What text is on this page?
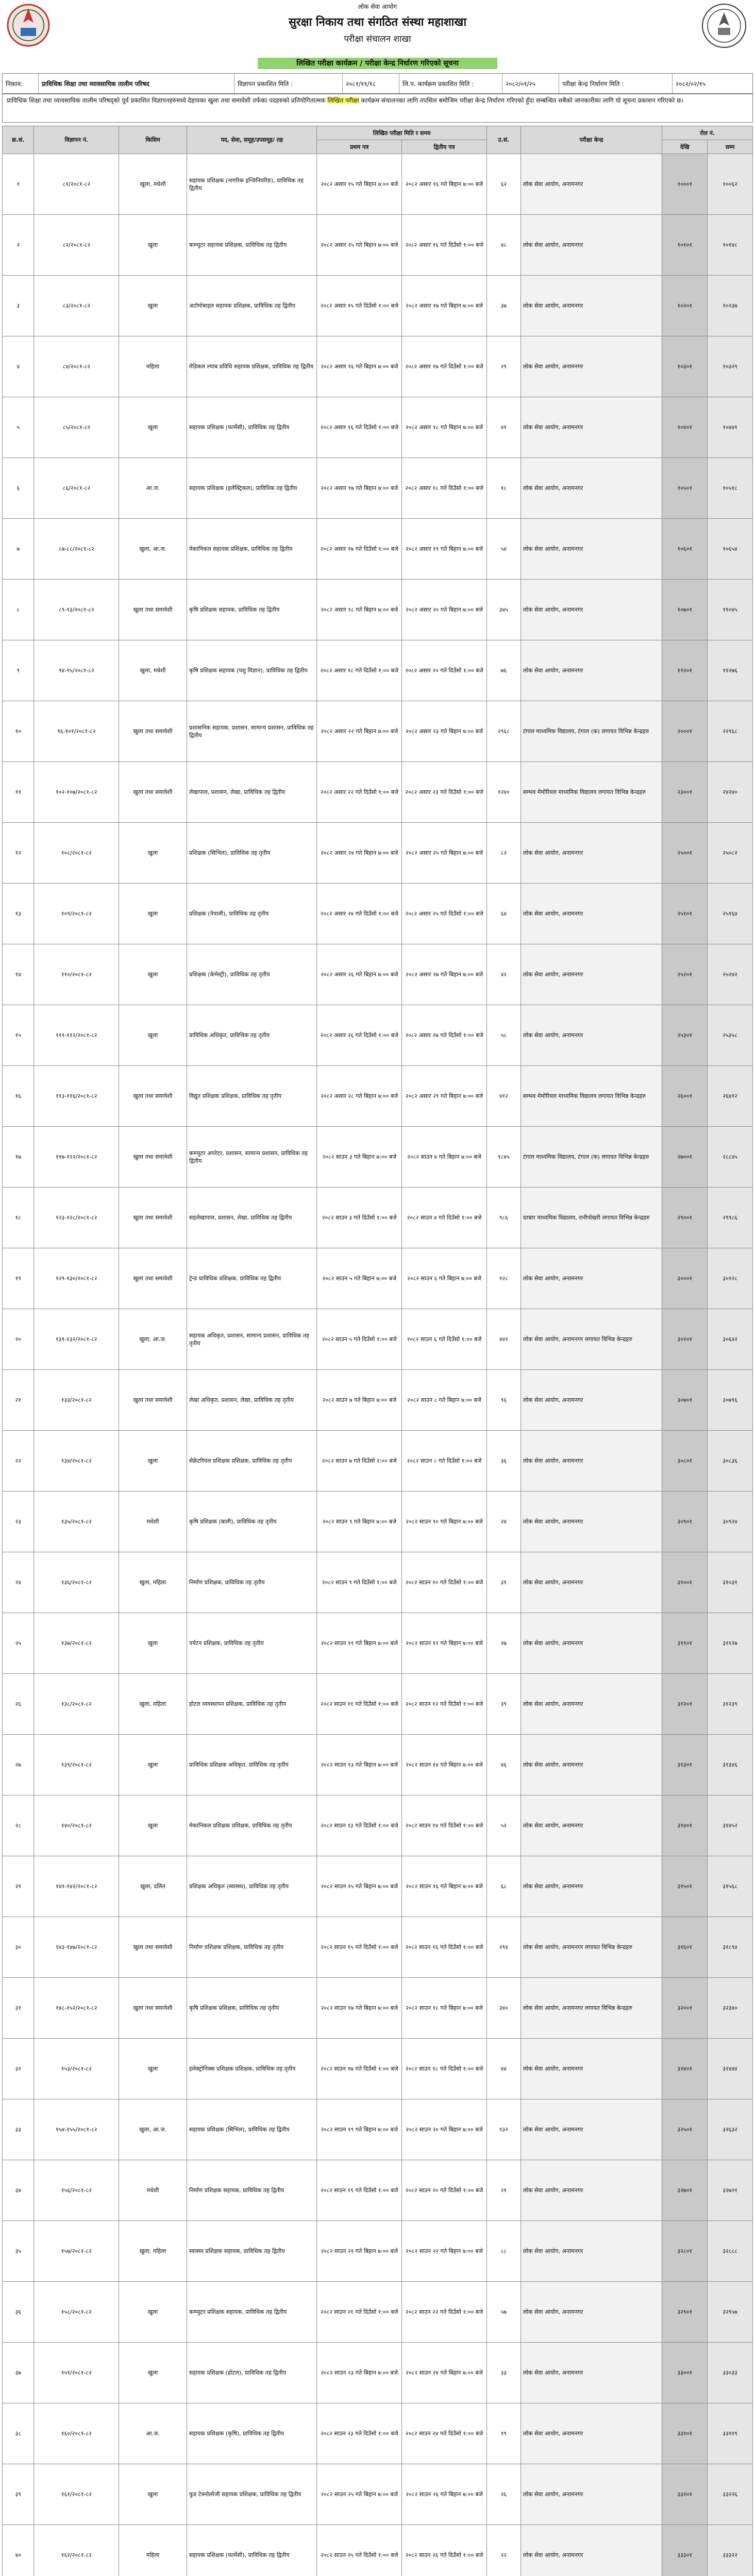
लोक सेवा आयोग
सुरक्षा निकाय तथा संगठित संस्था महाशाखा
परीक्षा संचालन शाखा
लिखित परीक्षा कार्यक्रम / परीक्षा केन्द्र निर्धारण गरिएको सूचना
निकाय:	प्राविधिक शिक्षा तथा व्यावसायिक तालीम परिषद	विज्ञापन प्रकाशित मिति :	२०८१/११/१८	लि.प. कार्यक्रम प्रकाशित मिति :	२०८२/०१/२५	परीक्षा केन्द्र निर्धारण मिति :	२०८२/०२/१५
प्राविधिक शिक्षा तथा व्यावसायिक तालीम परिषद्को पूर्व प्रकाशित विज्ञापनहरुमध्ये देहायका खुला तथा समावेशी तर्फका पदहरुको प्रतियोगितात्मक लिखित परीक्षा कार्यक्रम संचालनका लागि तपसिल बमोजिम परीक्षा केन्द्र निर्धारण गरिएको हुँदा सम्बन्धित सबैको जानकारीका लागि यो सूचना प्रकाशन गरिएको छ।
क्र.सं.	विज्ञापन नं.	किसिम	पद, सेवा, समूह/उपसमूह/ तह	लिखित परीक्षा मिति र समय		उ.सं.	परीक्षा केन्द्र	रोल नं.	
				प्रथम पत्र	द्वितीय पत्र			देखि	सम्म
१	८१/२०८१-८२	खुला, मधेशी	सहायक प्रशिक्षक (नागरिक इन्जिनियरिङ), प्राविधिक तह द्वितीय	२०८२ असार १५ गते बिहान ७:०० बजे	२०८२ असार १६ गते बिहान ७:०० बजे	६२	लोक सेवा आयोग, अनामनगर	१०००१	१००६२
२	८२/२०८१-८२	खुला	कम्प्युटर सहायक प्रशिक्षक, प्राविधिक तह द्वितीय	२०८२ असार १५ गते बिहान ७:०० बजे	२०८२ असार १६ गते दिउँसो १:०० बजे	४८	लोक सेवा आयोग, अनामनगर	१०१०१	१०१४८
३	८३/२०८१-८२	खुला	अटोमोबाइल सहायक प्रशिक्षक, प्राविधिक तह द्वितीय	२०८२ असार १५ गते दिउँसो १:०० बजे	२०८२ असार १७ गते बिहान ७:०० बजे	३७	लोक सेवा आयोग, अनामनगर	१०२०१	१०२३७
४	८४/२०८१-८२	महिला	मेडिकल ल्याब प्रविधि सहायक प्रशिक्षक, प्राविधिक तह द्वितीय	२०८२ असार १६ गते बिहान ७:०० बजे	२०८२ असार १७ गते दिउँसो १:०० बजे	२९	लोक सेवा आयोग, अनामनगर	१०३०१	१०३२९
५	८५/२०८१-८२	खुला	सहायक प्रशिक्षक (फार्मेसी), प्राविधिक तह द्वितीय	२०८२ असार १६ गते दिउँसो १:०० बजे	२०८२ असार १८ गते बिहान ७:०० बजे	४१	लोक सेवा आयोग, अनामनगर	१०४०१	१०४४१
६	८६/२०८१-८२	आ.ज.	सहायक प्रशिक्षक (इलेक्ट्रिकल), प्राविधिक तह द्वितीय	२०८२ असार १७ गते बिहान ७:०० बजे	२०८२ असार १८ गते दिउँसो १:०० बजे	१८	लोक सेवा आयोग, अनामनगर	१०५०१	१०५१८
७	८७-८८/२०८१-८२	खुला, आ.ज.	मेकानिकल सहायक प्रशिक्षक, प्राविधिक तह द्वितीय	२०८२ असार १७ गते दिउँसो १:०० बजे	२०८२ असार १९ गते बिहान ७:०० बजे	५४	लोक सेवा आयोग, अनामनगर	१०६०१	१०६५४
८	८९-९३/२०८१-८२	खुला तथा समावेशी	कृषि प्रशिक्षक सहायक, प्राविधिक तह द्वितीय	२०८२ असार १८ गते बिहान ७:०० बजे	२०८२ असार २० गते बिहान ७:०० बजे	३४५	लोक सेवा आयोग, अनामनगर	१०७०१	११०४५
९	९४-९५/२०८१-८२	खुला, मधेशी	कृषि प्रशिक्षक सहायक (पशु विज्ञान), प्राविधिक तह द्वितीय	२०८२ असार १८ गते दिउँसो १:०० बजे	२०८२ असार २० गते दिउँसो १:०० बजे	७६	लोक सेवा आयोग, अनामनगर	११२०१	११२७६
१०	९६-१०१/२०८१-८२	खुला तथा समावेशी	प्रशासनिक सहायक, प्रशासन, सामान्य प्रशासन, प्राविधिक तह द्वितीय	२०८२ असार २२ गते बिहान ७:०० बजे	२०८२ असार २३ गते बिहान ७:०० बजे	२९६८	टंगाल माध्यमिक विद्यालय, टंगाल (क) लगायत विभिन्न केन्द्रहरु	२०००१	२२९६८
११	१०२-१०७/२०८१-८२	खुला तथा समावेशी	लेखापाल, प्रशासन, लेखा, प्राविधिक तह द्वितीय	२०८२ असार २२ गते दिउँसो १:०० बजे	२०८२ असार २३ गते दिउँसो १:०० बजे	१२४०	सम्भव मेमोरियल माध्यमिक विद्यालय लगायत विभिन्न केन्द्रहरु	२३००१	२४२४०
१२	१०८/२०८१-८२	खुला	प्रशिक्षक (सिभिल), प्राविधिक तह तृतीय	२०८२ असार २४ गते बिहान ७:०० बजे	२०८२ असार २५ गते बिहान ७:०० बजे	८२	लोक सेवा आयोग, अनामनगर	२५००१	२५०८२
१३	१०९/२०८१-८२	खुला	प्रशिक्षक (नेपाली), प्राविधिक तह तृतीय	२०८२ असार २४ गते दिउँसो १:०० बजे	२०८२ असार २५ गते दिउँसो १:०० बजे	६४	लोक सेवा आयोग, अनामनगर	२५१०१	२५१६४
१४	११०/२०८१-८२	खुला	प्रशिक्षक (केमेस्ट्री), प्राविधिक तह तृतीय	२०८२ असार २६ गते बिहान ७:०० बजे	२०८२ असार २७ गते बिहान ७:०० बजे	४२	लोक सेवा आयोग, अनामनगर	२५२०१	२५२४२
१५	१११-११२/२०८१-८२	खुला	प्राविधिक अधिकृत, प्राविधिक तह तृतीय	२०८२ असार २६ गते दिउँसो १:०० बजे	२०८२ असार २७ गते दिउँसो १:०० बजे	५८	लोक सेवा आयोग, अनामनगर	२५३०१	२५३५८
१६	११३-११६/२०८१-८२	खुला तथा समावेशी	विद्युत प्रशिक्षक प्रशिक्षक, प्राविधिक तह तृतीय	२०८२ असार २८ गते बिहान ७:०० बजे	२०८२ असार २९ गते बिहान ७:०० बजे	४१२	सम्भव मेमोरियल माध्यमिक विद्यालय लगायत विभिन्न केन्द्रहरु	२६००१	२६४१२
१७	११७-१२२/२०८१-८२	खुला तथा समावेशी	कम्प्युटर अपरेटर, प्रशासन, सामान्य प्रशासन, प्राविधिक तह द्वितीय	२०८२ साउन ३ गते बिहान ७:०० बजे	२०८२ साउन ४ गते बिहान ७:०० बजे	१८४५	टंगाल माध्यमिक विद्यालय, टंगाल (क) लगायत विभिन्न केन्द्रहरु	२७००१	२८८४५
१८	१२३-१२८/२०८१-८२	खुला तथा समावेशी	सहलेखापाल, प्रशासन, लेखा, प्राविधिक तह द्वितीय	२०८२ साउन ३ गते दिउँसो १:०० बजे	२०८२ साउन ४ गते दिउँसो १:०० बजे	९८६	दरबार माध्यमिक विद्यालय, रानीपोखरी लगायत विभिन्न केन्द्रहरु	२९००१	२९९८६
१९	१२९-१३०/२०८१-८२	खुला तथा समावेशी	ट्रेन्ड प्राविधिक प्रशिक्षक, प्राविधिक तह द्वितीय	२०८२ साउन ५ गते बिहान ७:०० बजे	२०८२ साउन ६ गते बिहान ७:०० बजे	१२८	लोक सेवा आयोग, अनामनगर	३०००१	३०१२८
२०	१३१-१३२/२०८१-८२	खुला, आ.ज.	सहायक अधिकृत, प्रशासन, सामान्य प्रशासन, प्राविधिक तह तृतीय	२०८२ साउन ५ गते दिउँसो १:०० बजे	२०८२ साउन ६ गते दिउँसो १:०० बजे	४४२	लोक सेवा आयोग, अनामनगर लगायत विभिन्न केन्द्रहरु	३०२०१	३०६४२
२१	१३३/२०८१-८२	खुला तथा समावेशी	लेखा अधिकृत, प्रशासन, लेखा, प्राविधिक तह तृतीय	२०८२ साउन ७ गते बिहान ७:०० बजे	२०८२ साउन ८ गते बिहान ७:०० बजे	९६	लोक सेवा आयोग, अनामनगर	३०७०१	३०७९६
२२	१३४/२०८१-८२	खुला	सेक्रेटरियल प्रशिक्षक प्रशिक्षक, प्राविधिक तह तृतीय	२०८२ साउन ७ गते दिउँसो १:०० बजे	२०८२ साउन ८ गते दिउँसो १:०० बजे	३६	लोक सेवा आयोग, अनामनगर	३०८०१	३०८३६
२३	१३५/२०८१-८२	मधेशी	कृषि प्रशिक्षक (बाली), प्राविधिक तह तृतीय	२०८२ साउन ९ गते बिहान ७:०० बजे	२०८२ साउन १० गते बिहान ७:०० बजे	२४	लोक सेवा आयोग, अनामनगर	३०९०१	३०९२४
२४	१३६/२०८१-८२	खुला, महिला	निर्माण प्रशिक्षक, प्राविधिक तह तृतीय	२०८२ साउन ९ गते दिउँसो १:०० बजे	२०८२ साउन १० गते दिउँसो १:०० बजे	३१	लोक सेवा आयोग, अनामनगर	३१००१	३१०३१
२५	१३७/२०८१-८२	खुला	पर्यटन प्रशिक्षक, प्राविधिक तह तृतीय	२०८२ साउन ११ गते बिहान ७:०० बजे	२०८२ साउन १२ गते बिहान ७:०० बजे	२७	लोक सेवा आयोग, अनामनगर	३११०१	३११२७
२६	१३८/२०८१-८२	खुला, महिला	होटल व्यवस्थापन प्रशिक्षक, प्राविधिक तह तृतीय	२०८२ साउन ११ गते दिउँसो १:०० बजे	२०८२ साउन १२ गते दिउँसो १:०० बजे	३९	लोक सेवा आयोग, अनामनगर	३१२०१	३१२३९
२७	१३९/२०८१-८२	खुला	प्राविधिक प्रशिक्षक अधिकृत, प्राविधिक तह तृतीय	२०८२ साउन १३ गते बिहान ७:०० बजे	२०८२ साउन १४ गते बिहान ७:०० बजे	४६	लोक सेवा आयोग, अनामनगर	३१३०१	३१३४६
२८	१४०/२०८१-८२	खुला	मेकानिकल प्रशिक्षक प्रशिक्षक, प्राविधिक तह तृतीय	२०८२ साउन १३ गते दिउँसो १:०० बजे	२०८२ साउन १४ गते दिउँसो १:०० बजे	५२	लोक सेवा आयोग, अनामनगर	३१४०१	३१४५२
२९	१४१-१४२/२०८१-८२	खुला, दलित	प्रशिक्षक अधिकृत (स्वास्थ्य), प्राविधिक तह तृतीय	२०८२ साउन १५ गते बिहान ७:०० बजे	२०८२ साउन १६ गते बिहान ७:०० बजे	६८	लोक सेवा आयोग, अनामनगर	३१५०१	३१५६८
३०	१४३-१४७/२०८१-८२	खुला तथा समावेशी	निर्माण प्रशिक्षक प्रशिक्षक, प्राविधिक तह तृतीय	२०८२ साउन १५ गते दिउँसो १:०० बजे	२०८२ साउन १६ गते दिउँसो १:०० बजे	२९४	लोक सेवा आयोग, अनामनगर लगायत विभिन्न केन्द्रहरु	३१६०१	३१८९४
३१	१४८-१५२/२०८१-८२	खुला तथा समावेशी	कृषि प्रशिक्षक प्रशिक्षक, प्राविधिक तह तृतीय	२०८२ साउन १७ गते बिहान ७:०० बजे	२०८२ साउन १८ गते बिहान ७:०० बजे	३४०	लोक सेवा आयोग, अनामनगर लगायत विभिन्न केन्द्रहरु	३२००१	३२३४०
३२	१५३/२०८१-८२	खुला	इलेक्ट्रोनिक्स प्रशिक्षक प्रशिक्षक, प्राविधिक तह तृतीय	२०८२ साउन १७ गते दिउँसो १:०० बजे	२०८२ साउन १८ गते दिउँसो १:०० बजे	४४	लोक सेवा आयोग, अनामनगर	३२४०१	३२४४४
३३	१५४-१५५/२०८१-८२	खुला, आ.ज.	सहायक प्रशिक्षक (सिभिल), प्राविधिक तह द्वितीय	२०८२ साउन १९ गते बिहान ७:०० बजे	२०८२ साउन २० गते बिहान ७:०० बजे	१३२	लोक सेवा आयोग, अनामनगर	३२५०१	३२६३२
३४	१५६/२०८१-८२	मधेशी	निर्माण प्रशिक्षक सहायक, प्राविधिक तह द्वितीय	२०८२ साउन १९ गते दिउँसो १:०० बजे	२०८२ साउन २० गते दिउँसो १:०० बजे	२१	लोक सेवा आयोग, अनामनगर	३२७०१	३२७२१
३५	१५७/२०८१-८२	खुला, महिला	स्वास्थ्य प्रशिक्षक सहायक, प्राविधिक तह द्वितीय	२०८२ साउन २१ गते बिहान ७:०० बजे	२०८२ साउन २२ गते बिहान ७:०० बजे	८८	लोक सेवा आयोग, अनामनगर	३२८०१	३२८८८
३६	१५८/२०८१-८२	खुला	कम्प्युटर प्रशिक्षक सहायक, प्राविधिक तह द्वितीय	२०८२ साउन २१ गते दिउँसो १:०० बजे	२०८२ साउन २२ गते दिउँसो १:०० बजे	५७	लोक सेवा आयोग, अनामनगर	३२९०१	३२९५७
३७	१५९/२०८१-८२	खुला	सहायक प्रशिक्षक (होटल), प्राविधिक तह द्वितीय	२०८२ साउन २३ गते बिहान ७:०० बजे	२०८२ साउन २४ गते बिहान ७:०० बजे	३३	लोक सेवा आयोग, अनामनगर	३३००१	३३०३३
३८	१६०/२०८१-८२	आ.ज.	सहायक प्रशिक्षक (कृषि), प्राविधिक तह द्वितीय	२०८२ साउन २३ गते दिउँसो १:०० बजे	२०८२ साउन २४ गते दिउँसो १:०० बजे	१९	लोक सेवा आयोग, अनामनगर	३३१०१	३३११९
३९	१६१/२०८१-८२	खुला	फुड टेक्नोलोजी सहायक प्रशिक्षक, प्राविधिक तह द्वितीय	२०८२ साउन २५ गते बिहान ७:०० बजे	२०८२ साउन २६ गते बिहान ७:०० बजे	२६	लोक सेवा आयोग, अनामनगर	३३२०१	३३२२६
४०	१६२/२०८१-८२	महिला	सहायक प्रशिक्षक (फार्मेसी), प्राविधिक तह द्वितीय	२०८२ साउन २५ गते दिउँसो १:०० बजे	२०८२ साउन २६ गते दिउँसो १:०० बजे	२२	लोक सेवा आयोग, अनामनगर	३३३०१	३३३२२
